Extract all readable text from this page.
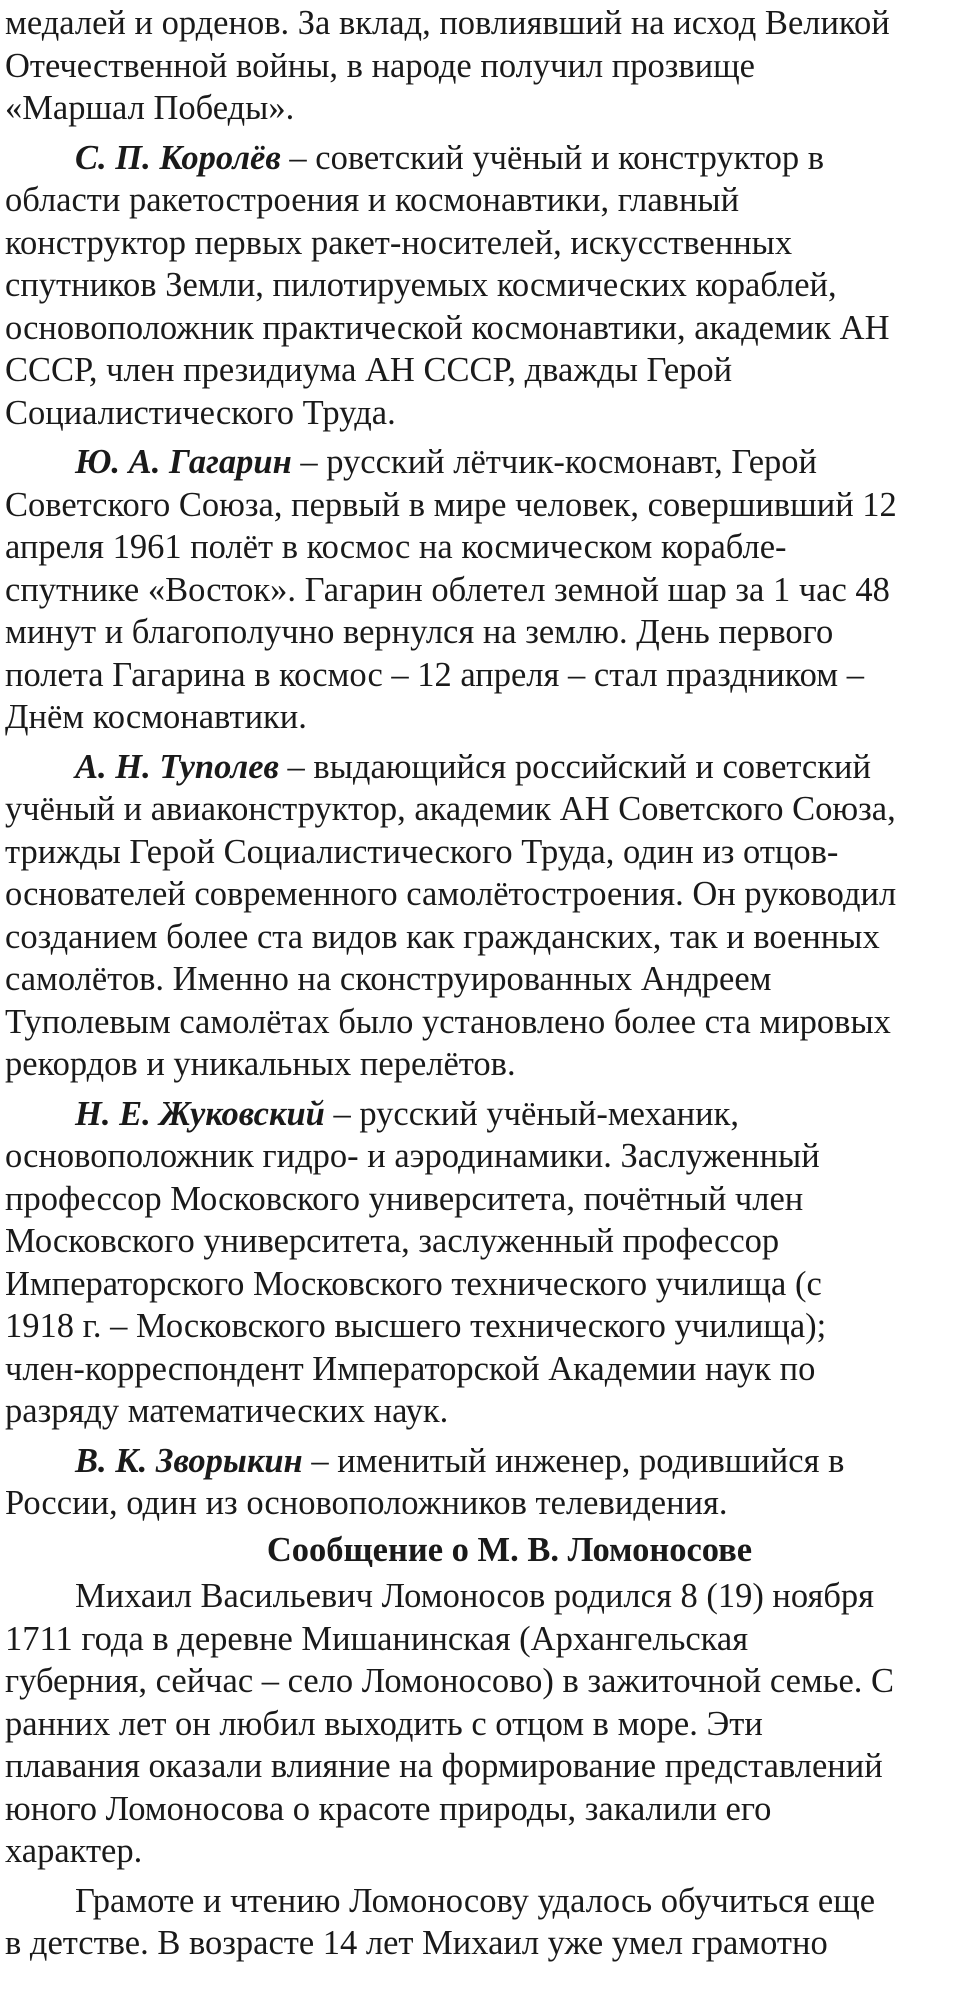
медалей и орденов. За вклад, повлиявший на исход Великой
Отечественной войны, в народе получил прозвище
«Маршал Победы».

С. П. Королёв – советский учёный и конструктор в
области ракетостроения и космонавтики, главный
конструктор первых ракет-носителей, искусственных
спутников Земли, пилотируемых космических кораблей,
основоположник практической космонавтики, академик АН
СССР, член президиума АН СССР, дважды Герой
Социалистического Труда.

Ю. А. Гагарин – русский лётчик-космонавт, Герой
Советского Союза, первый в мире человек, совершивший 12
апреля 1961 полёт в космос на космическом корабле-
спутнике «Восток». Гагарин облетел земной шар за 1 час 48
минут и благополучно вернулся на землю. День первого
полета Гагарина в космос – 12 апреля – стал праздником –
Днём космонавтики.

А. Н. Туполев – выдающийся российский и советский
учёный и авиаконструктор, академик АН Советского Союза,
трижды Герой Социалистического Труда, один из отцов-
основателей современного самолётостроения. Он руководил
созданием более ста видов как гражданских, так и военных
самолётов. Именно на сконструированных Андреем
Туполевым самолётах было установлено более ста мировых
рекордов и уникальных перелётов.

Н. Е. Жуковский – русский учёный-механик,
основоположник гидро- и аэродинамики. Заслуженный
профессор Московского университета, почётный член
Московского университета, заслуженный профессор
Императорского Московского технического училища (с
1918 г. – Московского высшего технического училища);
член-корреспондент Императорской Академии наук по
разряду математических наук.

В. К. Зворыкин – именитый инженер, родившийся в
России, один из основоположников телевидения.

Сообщение о М. В. Ломоносове

Михаил Васильевич Ломоносов родился 8 (19) ноября
1711 года в деревне Мишанинская (Архангельская
губерния, сейчас – село Ломоносово) в зажиточной семье. С
ранних лет он любил выходить с отцом в море. Эти
плавания оказали влияние на формирование представлений
юного Ломоносова о красоте природы, закалили его
характер.

Грамоте и чтению Ломоносову удалось обучиться еще
в детстве. В возрасте 14 лет Михаил уже умел грамотно
